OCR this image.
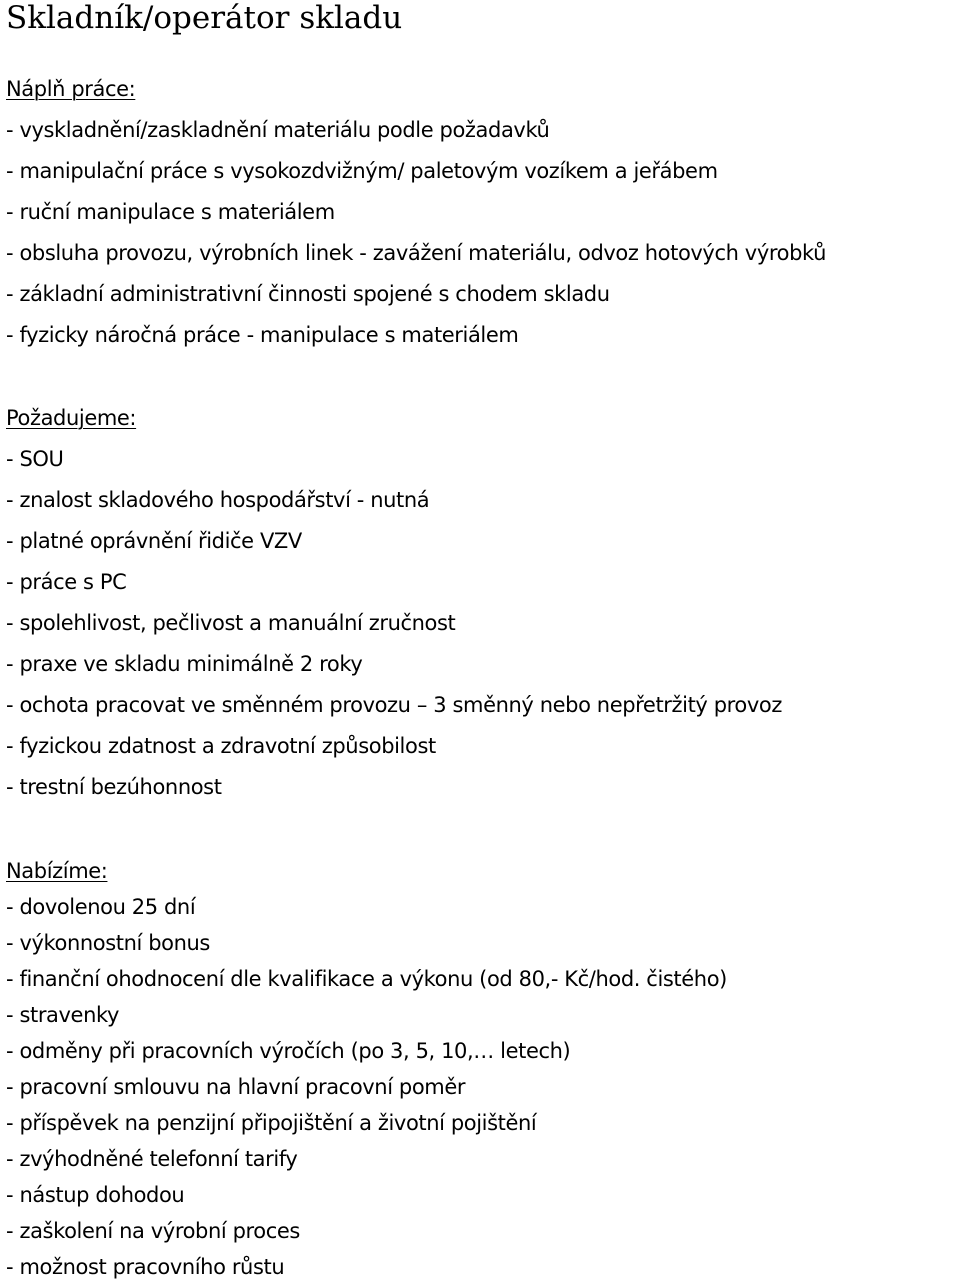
Skladník/operátor skladu
Náplň práce:
- vyskladnění/zaskladnění materiálu podle požadavků
- manipulační práce s vysokozdvižným/ paletovým vozíkem a jeřábem
- ruční manipulace s materiálem
- obsluha provozu, výrobních linek - zavážení materiálu, odvoz hotových výrobků
- základní administrativní činnosti spojené s chodem skladu
- fyzicky náročná práce - manipulace s materiálem
Požadujeme:
- SOU
- znalost skladového hospodářství - nutná
- platné oprávnění řidiče VZV
- práce s PC
- spolehlivost, pečlivost a manuální zručnost
- praxe ve skladu minimálně 2 roky
- ochota pracovat ve směnném provozu – 3 směnný nebo nepřetržitý provoz
- fyzickou zdatnost a zdravotní způsobilost
- trestní bezúhonnost
Nabízíme:
- dovolenou 25 dní
- výkonnostní bonus
- finanční ohodnocení dle kvalifikace a výkonu (od 80,- Kč/hod. čistého)
- stravenky
- odměny při pracovních výročích (po 3, 5, 10,… letech)
- pracovní smlouvu na hlavní pracovní poměr
- příspěvek na penzijní připojištění a životní pojištění
- zvýhodněné telefonní tarify
- nástup dohodou
- zaškolení na výrobní proces
- možnost pracovního růstu
